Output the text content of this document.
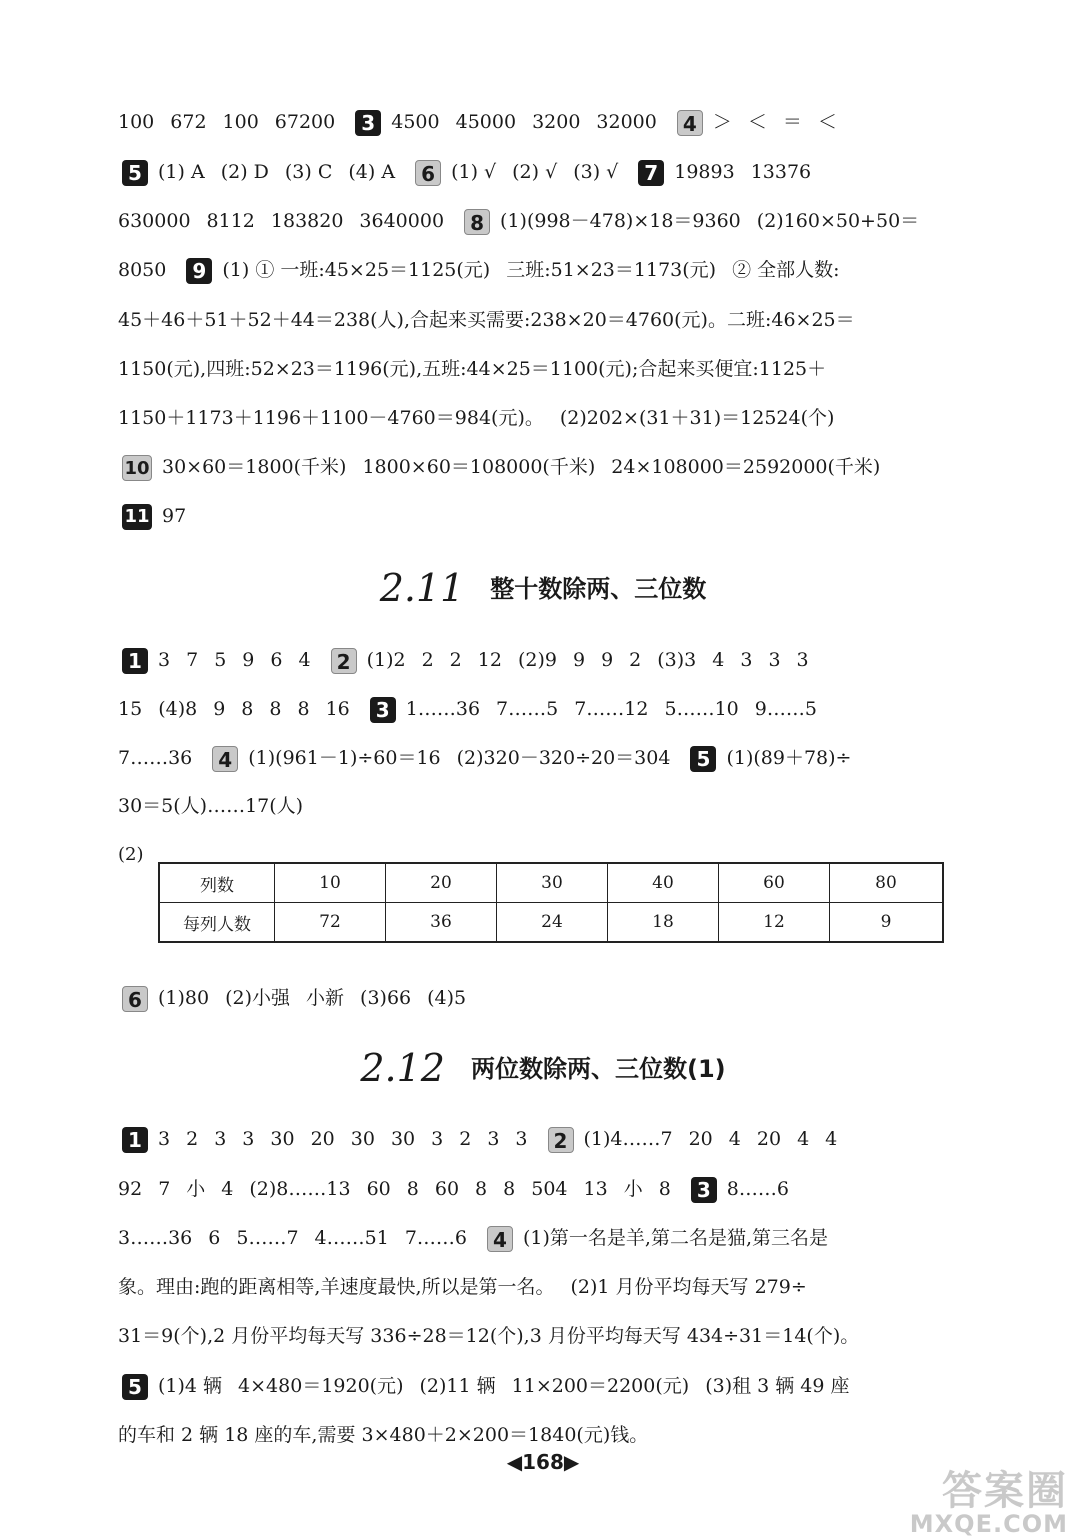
100 672 100 67200 3 4500 45000 3200 32000 4 ＞ ＜ ＝ ＜
5 (1) A (2) D (3) C (4) A 6 (1) √ (2) √ (3) √ 7 19893 13376
630000 8112 183820 3640000 8 (1)(998－478)×18＝9360 (2)160×50+50＝
8050 9 (1) ① 一班:45×25＝1125(元) 三班:51×23＝1173(元) ② 全部人数:
45＋46＋51＋52＋44＝238(人),合起来买需要:238×20＝4760(元)。二班:46×25＝
1150(元),四班:52×23＝1196(元),五班:44×25＝1100(元);合起来买便宜:1125＋
1150＋1173＋1196＋1100－4760＝984(元)。 (2)202×(31＋31)＝12524(个)
10 30×60＝1800(千米) 1800×60＝108000(千米) 24×108000＝2592000(千米)
11 97
2.11 整十数除两、三位数
1 3 7 5 9 6 4 2 (1)2 2 2 12 (2)9 9 9 2 (3)3 4 3 3 3
15 (4)8 9 8 8 8 16 3 1……36 7……5 7……12 5……10 9……5
7……36 4 (1)(961－1)÷60＝16 (2)320－320÷20＝304 5 (1)(89＋78)÷
30＝5(人)……17(人)
(2)
列数	10	20	30	40	60	80
每列人数	72	36	24	18	12	9
6 (1)80 (2)小强 小新 (3)66 (4)5
2.12 两位数除两、三位数(1)
1 3 2 3 3 30 20 30 30 3 2 3 3 2 (1)4……7 20 4 20 4 4
92 7 小 4 (2)8……13 60 8 60 8 8 504 13 小 8 3 8……6
3……36 6 5……7 4……51 7……6 4 (1)第一名是羊,第二名是猫,第三名是
象。理由:跑的距离相等,羊速度最快,所以是第一名。 (2)1 月份平均每天写 279÷
31＝9(个),2 月份平均每天写 336÷28＝12(个),3 月份平均每天写 434÷31＝14(个)。
5 (1)4 辆 4×480＝1920(元) (2)11 辆 11×200＝2200(元) (3)租 3 辆 49 座
的车和 2 辆 18 座的车,需要 3×480＋2×200＝1840(元)钱。
◀168▶
答案圈
MXQE.COM
